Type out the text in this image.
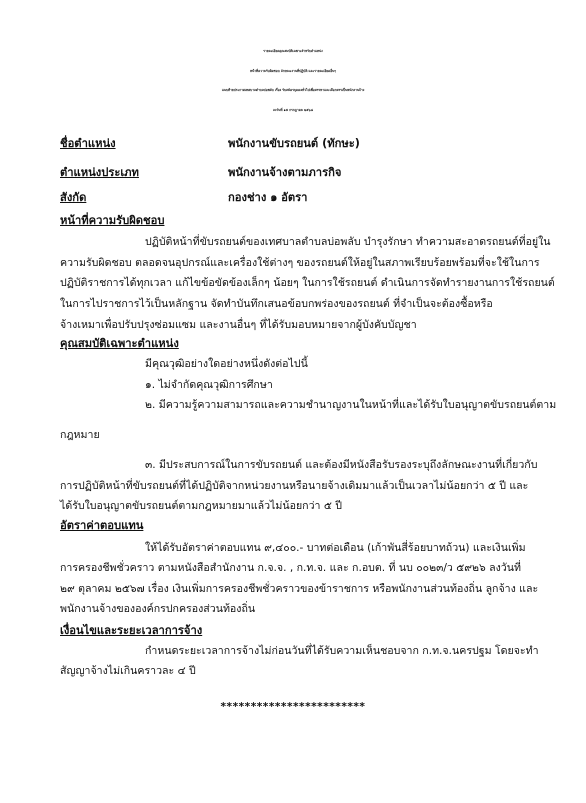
รายละเอียดคุณสมบัติเฉพาะสำหรับตำแหน่ง
หน้าที่ความรับผิดชอบ ลักษณะงานที่ปฏิบัติ และรายละเอียดอื่นๆ
แนบท้ายประกาศเทศบาลตำบลบ่อพลับ เรื่อง รับสมัครบุคคลทั่วไปเพื่อสรรหาและเลือกสรรเป็นพนักงานจ้าง
ลงวันที่ ๑๕ กรกฎาคม ๒๕๖๘
ชื่อตำแหน่ง	พนักงานขับรถยนต์ (ทักษะ)
ตำแหน่งประเภท	พนักงานจ้างตามภารกิจ
สังกัด	กองช่าง ๑ อัตรา
หน้าที่ความรับผิดชอบ
ปฏิบัติหน้าที่ขับรถยนต์ของเทศบาลตำบลบ่อพลับ บำรุงรักษา ทำความสะอาดรถยนต์ที่อยู่ใน
ความรับผิดชอบ ตลอดจนอุปกรณ์และเครื่องใช้ต่างๆ ของรถยนต์ให้อยู่ในสภาพเรียบร้อยพร้อมที่จะใช้ในการ
ปฏิบัติราชการได้ทุกเวลา แก้ไขข้อขัดข้องเล็กๆ น้อยๆ ในการใช้รถยนต์ ดำเนินการจัดทำรายงานการใช้รถยนต์
ในการไปราชการไว้เป็นหลักฐาน จัดทำบันทึกเสนอข้อบกพร่องของรถยนต์ ที่จำเป็นจะต้องซื้อหรือ
จ้างเหมาเพื่อปรับปรุงซ่อมแซม และงานอื่นๆ ที่ได้รับมอบหมายจากผู้บังคับบัญชา
คุณสมบัติเฉพาะตำแหน่ง
มีคุณวุฒิอย่างใดอย่างหนึ่งดังต่อไปนี้
๑. ไม่จำกัดคุณวุฒิการศึกษา
๒. มีความรู้ความสามารถและความชำนาญงานในหน้าที่และได้รับใบอนุญาตขับรถยนต์ตาม
กฎหมาย
๓. มีประสบการณ์ในการขับรถยนต์ และต้องมีหนังสือรับรองระบุถึงลักษณะงานที่เกี่ยวกับ
การปฏิบัติหน้าที่ขับรถยนต์ที่ได้ปฏิบัติจากหน่วยงานหรือนายจ้างเดิมมาแล้วเป็นเวลาไม่น้อยกว่า ๕ ปี และ
ได้รับใบอนุญาตขับรถยนต์ตามกฎหมายมาแล้วไม่น้อยกว่า ๕ ปี
อัตราค่าตอบแทน
ให้ได้รับอัตราค่าตอบแทน ๙,๔๐๐.- บาทต่อเดือน (เก้าพันสี่ร้อยบาทถ้วน) และเงินเพิ่ม
การครองชีพชั่วคราว ตามหนังสือสำนักงาน ก.จ.จ. , ก.ท.จ. และ ก.อบต. ที่ นบ ๐๐๒๓/ว ๕๙๒๖ ลงวันที่
๒๙ ตุลาคม ๒๕๖๗ เรื่อง เงินเพิ่มการครองชีพชั่วคราวของข้าราชการ หรือพนักงานส่วนท้องถิ่น ลูกจ้าง และ
พนักงานจ้างขององค์กรปกครองส่วนท้องถิ่น
เงื่อนไขและระยะเวลาการจ้าง
กำหนดระยะเวลาการจ้างไม่ก่อนวันที่ได้รับความเห็นชอบจาก ก.ท.จ.นครปฐม โดยจะทำ
สัญญาจ้างไม่เกินคราวละ ๔ ปี
************************
